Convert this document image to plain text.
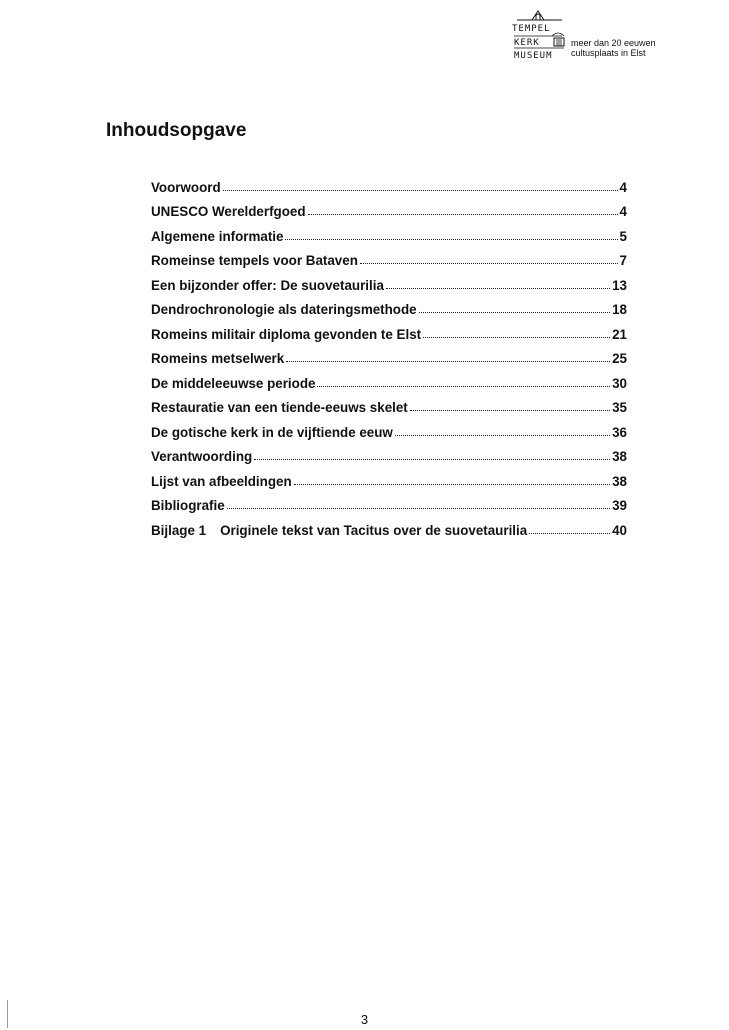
TEMPEL
KERK
MUSEUM
meer dan 20 eeuwen
cultusplaats in Elst
Inhoudsopgave
Voorwoord	4
UNESCO Werelderfgoed	4
Algemene informatie	5
Romeinse tempels voor Bataven	7
Een bijzonder offer: De suovetaurilia	13
Dendrochronologie als dateringsmethode	18
Romeins militair diploma gevonden te Elst	21
Romeins metselwerk	25
De middeleeuwse periode	30
Restauratie van een tiende-eeuws skelet	35
De gotische kerk in de vijftiende eeuw	36
Verantwoording	38
Lijst van afbeeldingen	38
Bibliografie	39
Bijlage 1 Originele tekst van Tacitus over de suovetaurilia	40
3
